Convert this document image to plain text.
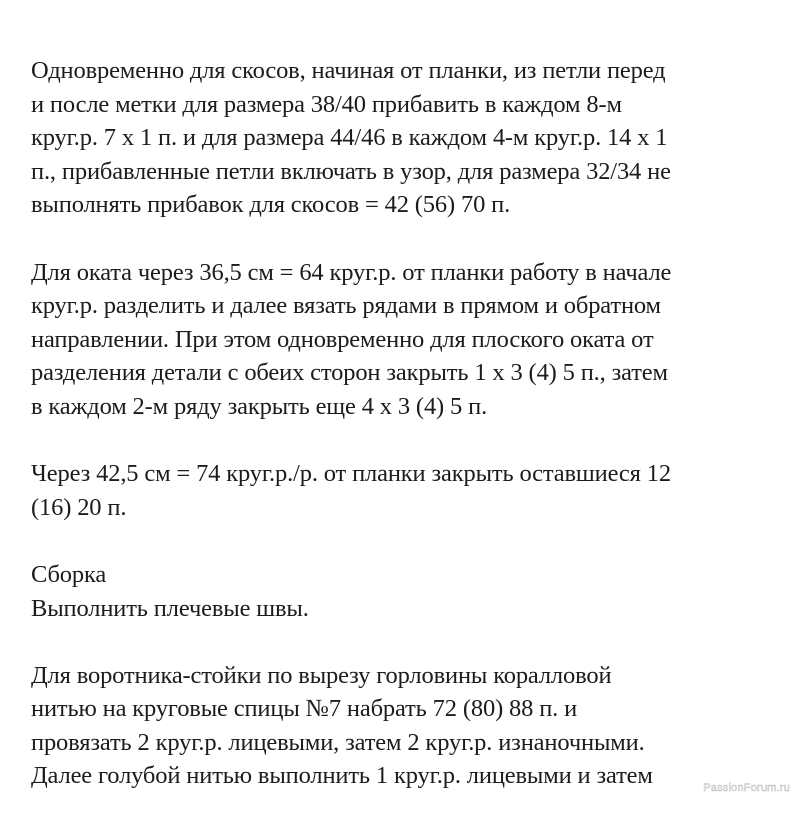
Одновременно для скосов, начиная от планки, из петли перед
и после метки для размера 38/40 прибавить в каждом 8-м
круг.р. 7 x 1 п. и для размера 44/46 в каждом 4-м круг.р. 14 x 1
п., прибавленные петли включать в узор, для размера 32/34 не
выполнять прибавок для скосов = 42 (56) 70 п.
Для оката через 36,5 см = 64 круг.р. от планки работу в начале
круг.р. разделить и далее вязать рядами в прямом и обратном
направлении. При этом одновременно для плоского оката от
разделения детали с обеих сторон закрыть 1 x 3 (4) 5 п., затем
в каждом 2-м ряду закрыть еще 4 x 3 (4) 5 п.
Через 42,5 см = 74 круг.р./р. от планки закрыть оставшиеся 12
(16) 20 п.
Сборка
Выполнить плечевые швы.
Для воротника-стойки по вырезу горловины коралловой
нитью на круговые спицы №7 набрать 72 (80) 88 п. и
провязать 2 круг.р. лицевыми, затем 2 круг.р. изнаночными.
Далее голубой нитью выполнить 1 круг.р. лицевыми и затем	PassionForum.ru
